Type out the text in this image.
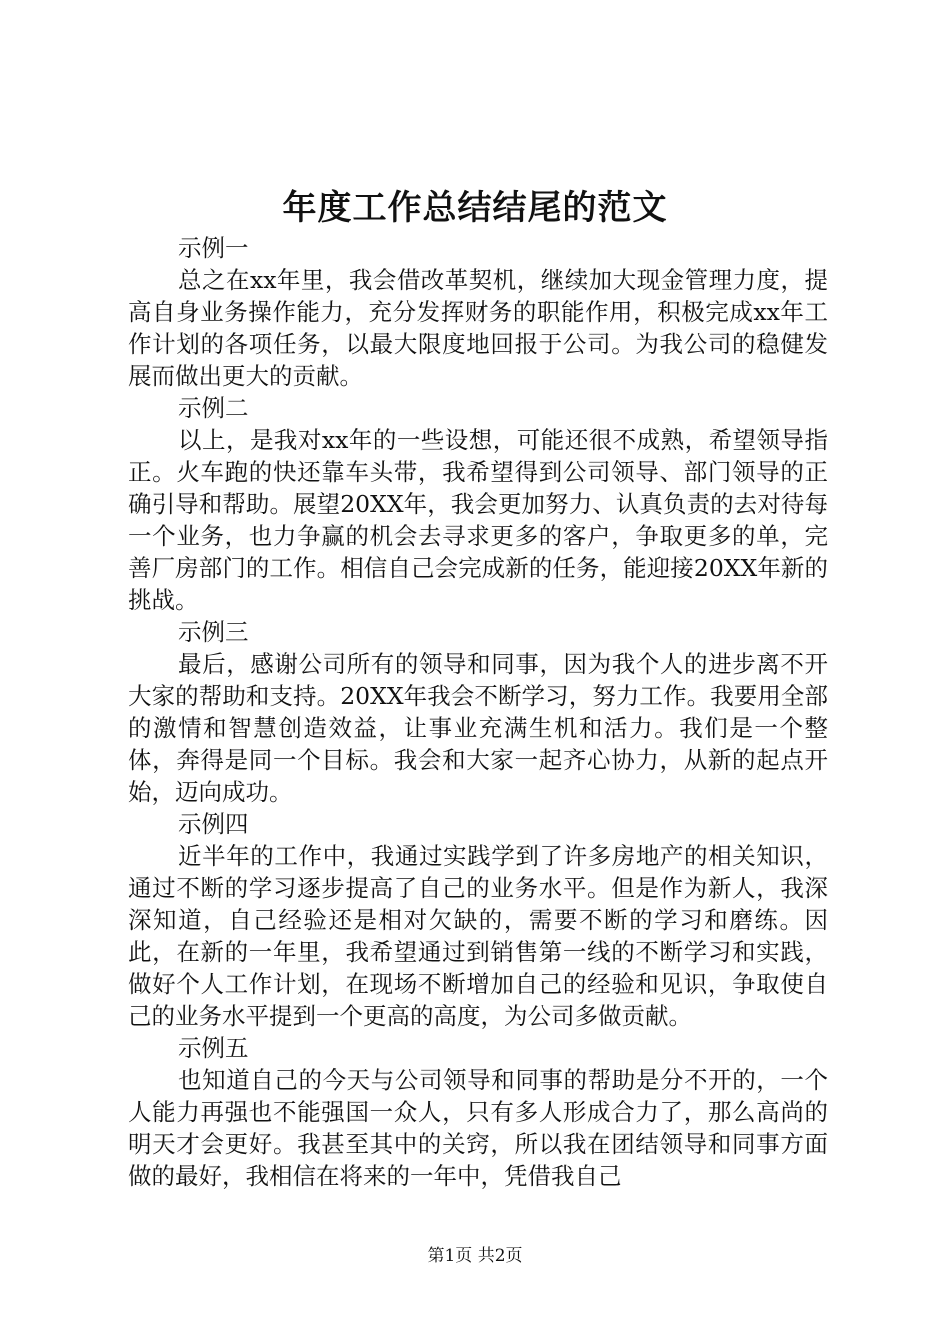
年度工作总结结尾的范文

示例一

总之在xx年里，我会借改革契机，继续加大现金管理力度，提高自身业务操作能力，充分发挥财务的职能作用，积极完成xx年工作计划的各项任务，以最大限度地回报于公司。为我公司的稳健发展而做出更大的贡献。

示例二

以上，是我对xx年的一些设想，可能还很不成熟，希望领导指正。火车跑的快还靠车头带，我希望得到公司领导、部门领导的正确引导和帮助。展望20XX年，我会更加努力、认真负责的去对待每一个业务，也力争赢的机会去寻求更多的客户，争取更多的单，完善厂房部门的工作。相信自己会完成新的任务，能迎接20XX年新的挑战。

示例三

最后，感谢公司所有的领导和同事，因为我个人的进步离不开大家的帮助和支持。20XX年我会不断学习，努力工作。我要用全部的激情和智慧创造效益，让事业充满生机和活力。我们是一个整体，奔得是同一个目标。我会和大家一起齐心协力，从新的起点开始，迈向成功。

示例四

近半年的工作中，我通过实践学到了许多房地产的相关知识，通过不断的学习逐步提高了自己的业务水平。但是作为新人，我深深知道，自己经验还是相对欠缺的，需要不断的学习和磨练。因此，在新的一年里，我希望通过到销售第一线的不断学习和实践，做好个人工作计划，在现场不断增加自己的经验和见识，争取使自己的业务水平提到一个更高的高度，为公司多做贡献。

示例五

也知道自己的今天与公司领导和同事的帮助是分不开的，一个人能力再强也不能强国一众人，只有多人形成合力了，那么高尚的明天才会更好。我甚至其中的关窍，所以我在团结领导和同事方面做的最好，我相信在将来的一年中，凭借我自己

第1页 共2页
